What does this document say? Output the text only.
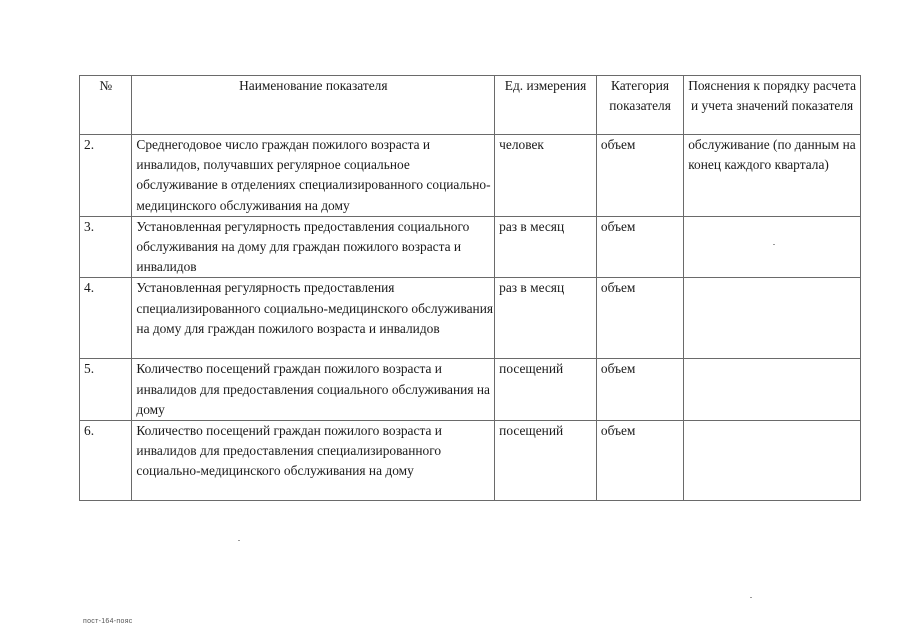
№	Наименование показателя	Ед. измерения	Категория показателя	Пояснения к порядку расчета и учета значений показателя
2.	Среднегодовое число граждан пожилого возраста и инвалидов, получавших регулярное социальное обслуживание в отделениях специализированного социально-медицинского обслуживания на дому	человек	объем	обслуживание (по данным на конец каждого квартала)
3.	Установленная регулярность предоставления социального обслуживания на дому для граждан пожилого возраста и инвалидов	раз в месяц	объем	
4.	Установленная регулярность предоставления специализированного социально-медицинского обслуживания на дому для граждан пожилого возраста и инвалидов	раз в месяц	объем	
5.	Количество посещений граждан пожилого возраста и инвалидов для предоставления социального обслуживания на дому	посещений	объем	
6.	Количество посещений граждан пожилого возраста и инвалидов для предоставления специализированного социально-медицинского обслуживания на дому	посещений	объем	
пост-164-пояс
